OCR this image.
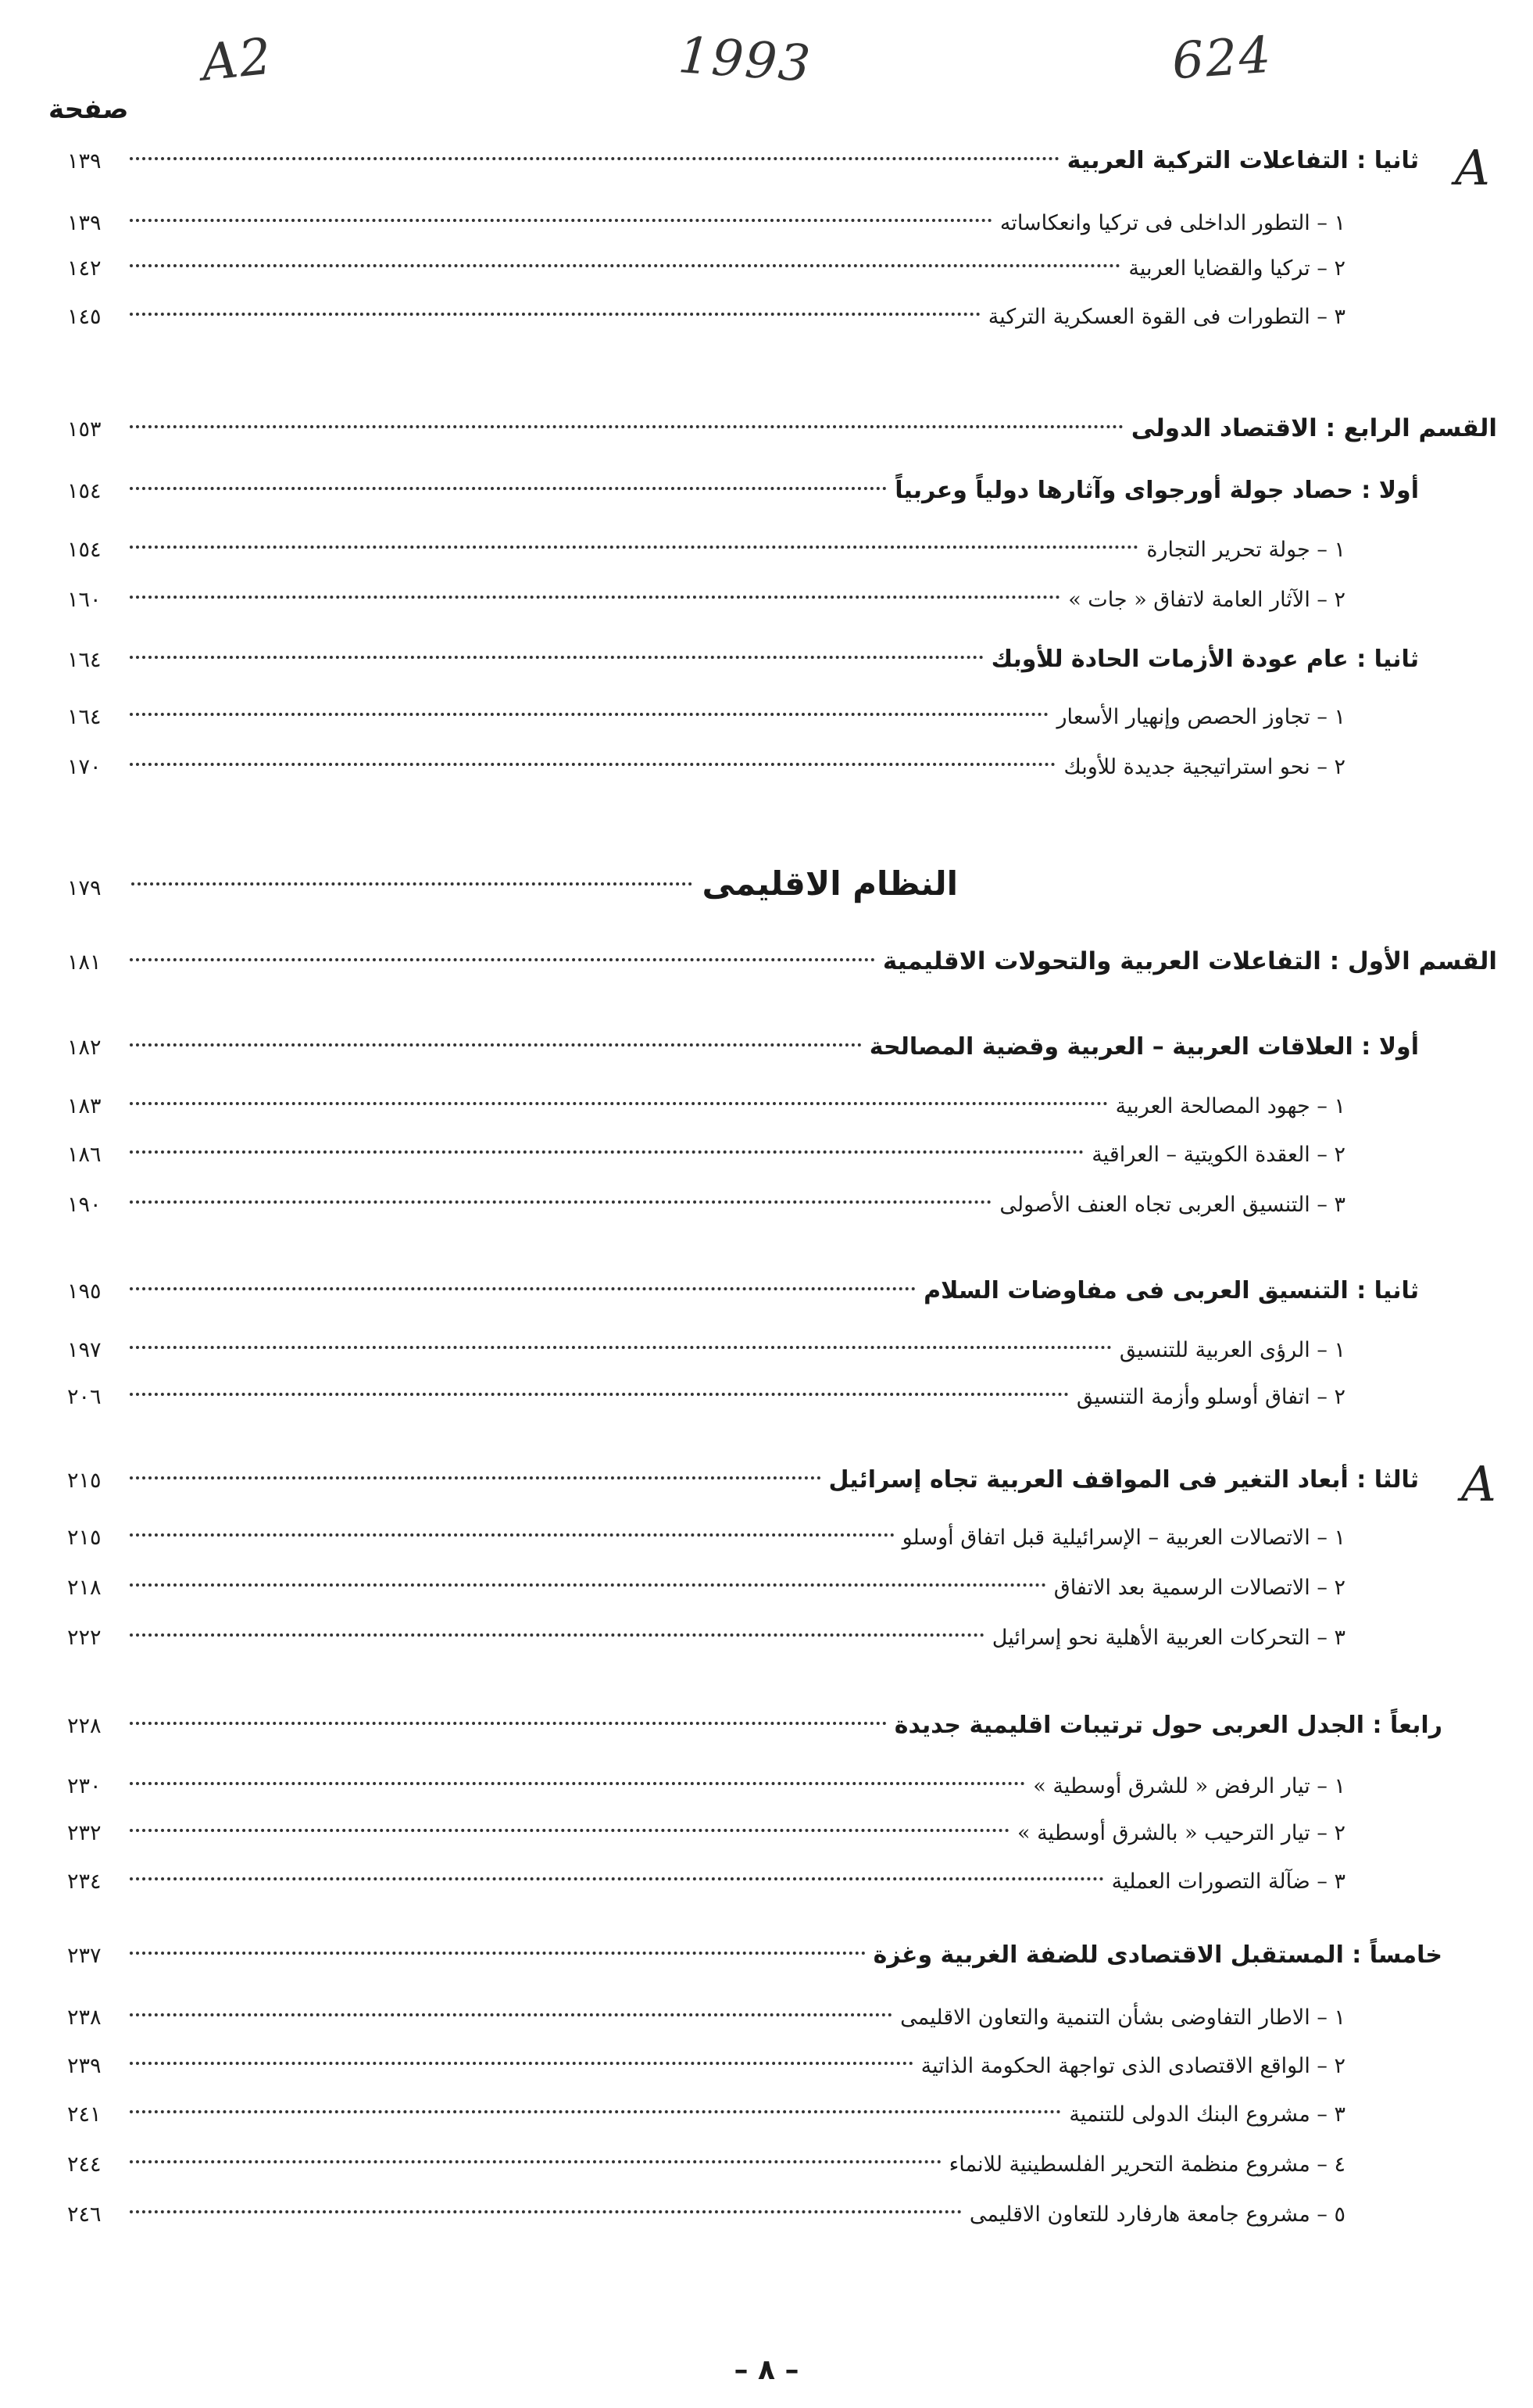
A2	1993	624
A
A
صفحة
ثانيا : التفاعلات التركية العربية
١٣٩
١ – التطور الداخلى فى تركيا وانعكاساته
١٣٩
٢ – تركيا والقضايا العربية
١٤٢
٣ – التطورات فى القوة العسكرية التركية
١٤٥
القسم الرابع : الاقتصاد الدولى
١٥٣
أولا : حصاد جولة أورجواى وآثارها دولياً وعربياً
١٥٤
١ – جولة تحرير التجارة
١٥٤
٢ – الآثار العامة لاتفاق « جات »
١٦٠
ثانيا : عام عودة الأزمات الحادة للأوبك
١٦٤
١ – تجاوز الحصص وإنهيار الأسعار
١٦٤
٢ – نحو استراتيجية جديدة للأوبك
١٧٠
النظام الاقليمى
١٧٩
القسم الأول : التفاعلات العربية والتحولات الاقليمية
١٨١
أولا : العلاقات العربية – العربية وقضية المصالحة
١٨٢
١ – جهود المصالحة العربية
١٨٣
٢ – العقدة الكويتية – العراقية
١٨٦
٣ – التنسيق العربى تجاه العنف الأصولى
١٩٠
ثانيا : التنسيق العربى فى مفاوضات السلام
١٩٥
١ – الرؤى العربية للتنسيق
١٩٧
٢ – اتفاق أوسلو وأزمة التنسيق
٢٠٦
ثالثا : أبعاد التغير فى المواقف العربية تجاه إسرائيل
٢١٥
١ – الاتصالات العربية – الإسرائيلية قبل اتفاق أوسلو
٢١٥
٢ – الاتصالات الرسمية بعد الاتفاق
٢١٨
٣ – التحركات العربية الأهلية نحو إسرائيل
٢٢٢
رابعاً : الجدل العربى حول ترتيبات اقليمية جديدة
٢٢٨
١ – تيار الرفض « للشرق أوسطية »
٢٣٠
٢ – تيار الترحيب « بالشرق أوسطية »
٢٣٢
٣ – ضآلة التصورات العملية
٢٣٤
خامساً : المستقبل الاقتصادى للضفة الغربية وغزة
٢٣٧
١ – الاطار التفاوضى بشأن التنمية والتعاون الاقليمى
٢٣٨
٢ – الواقع الاقتصادى الذى تواجهة الحكومة الذاتية
٢٣٩
٣ – مشروع البنك الدولى للتنمية
٢٤١
٤ – مشروع منظمة التحرير الفلسطينية للانماء
٢٤٤
٥ – مشروع جامعة هارفارد للتعاون الاقليمى
٢٤٦
– ٨ –
